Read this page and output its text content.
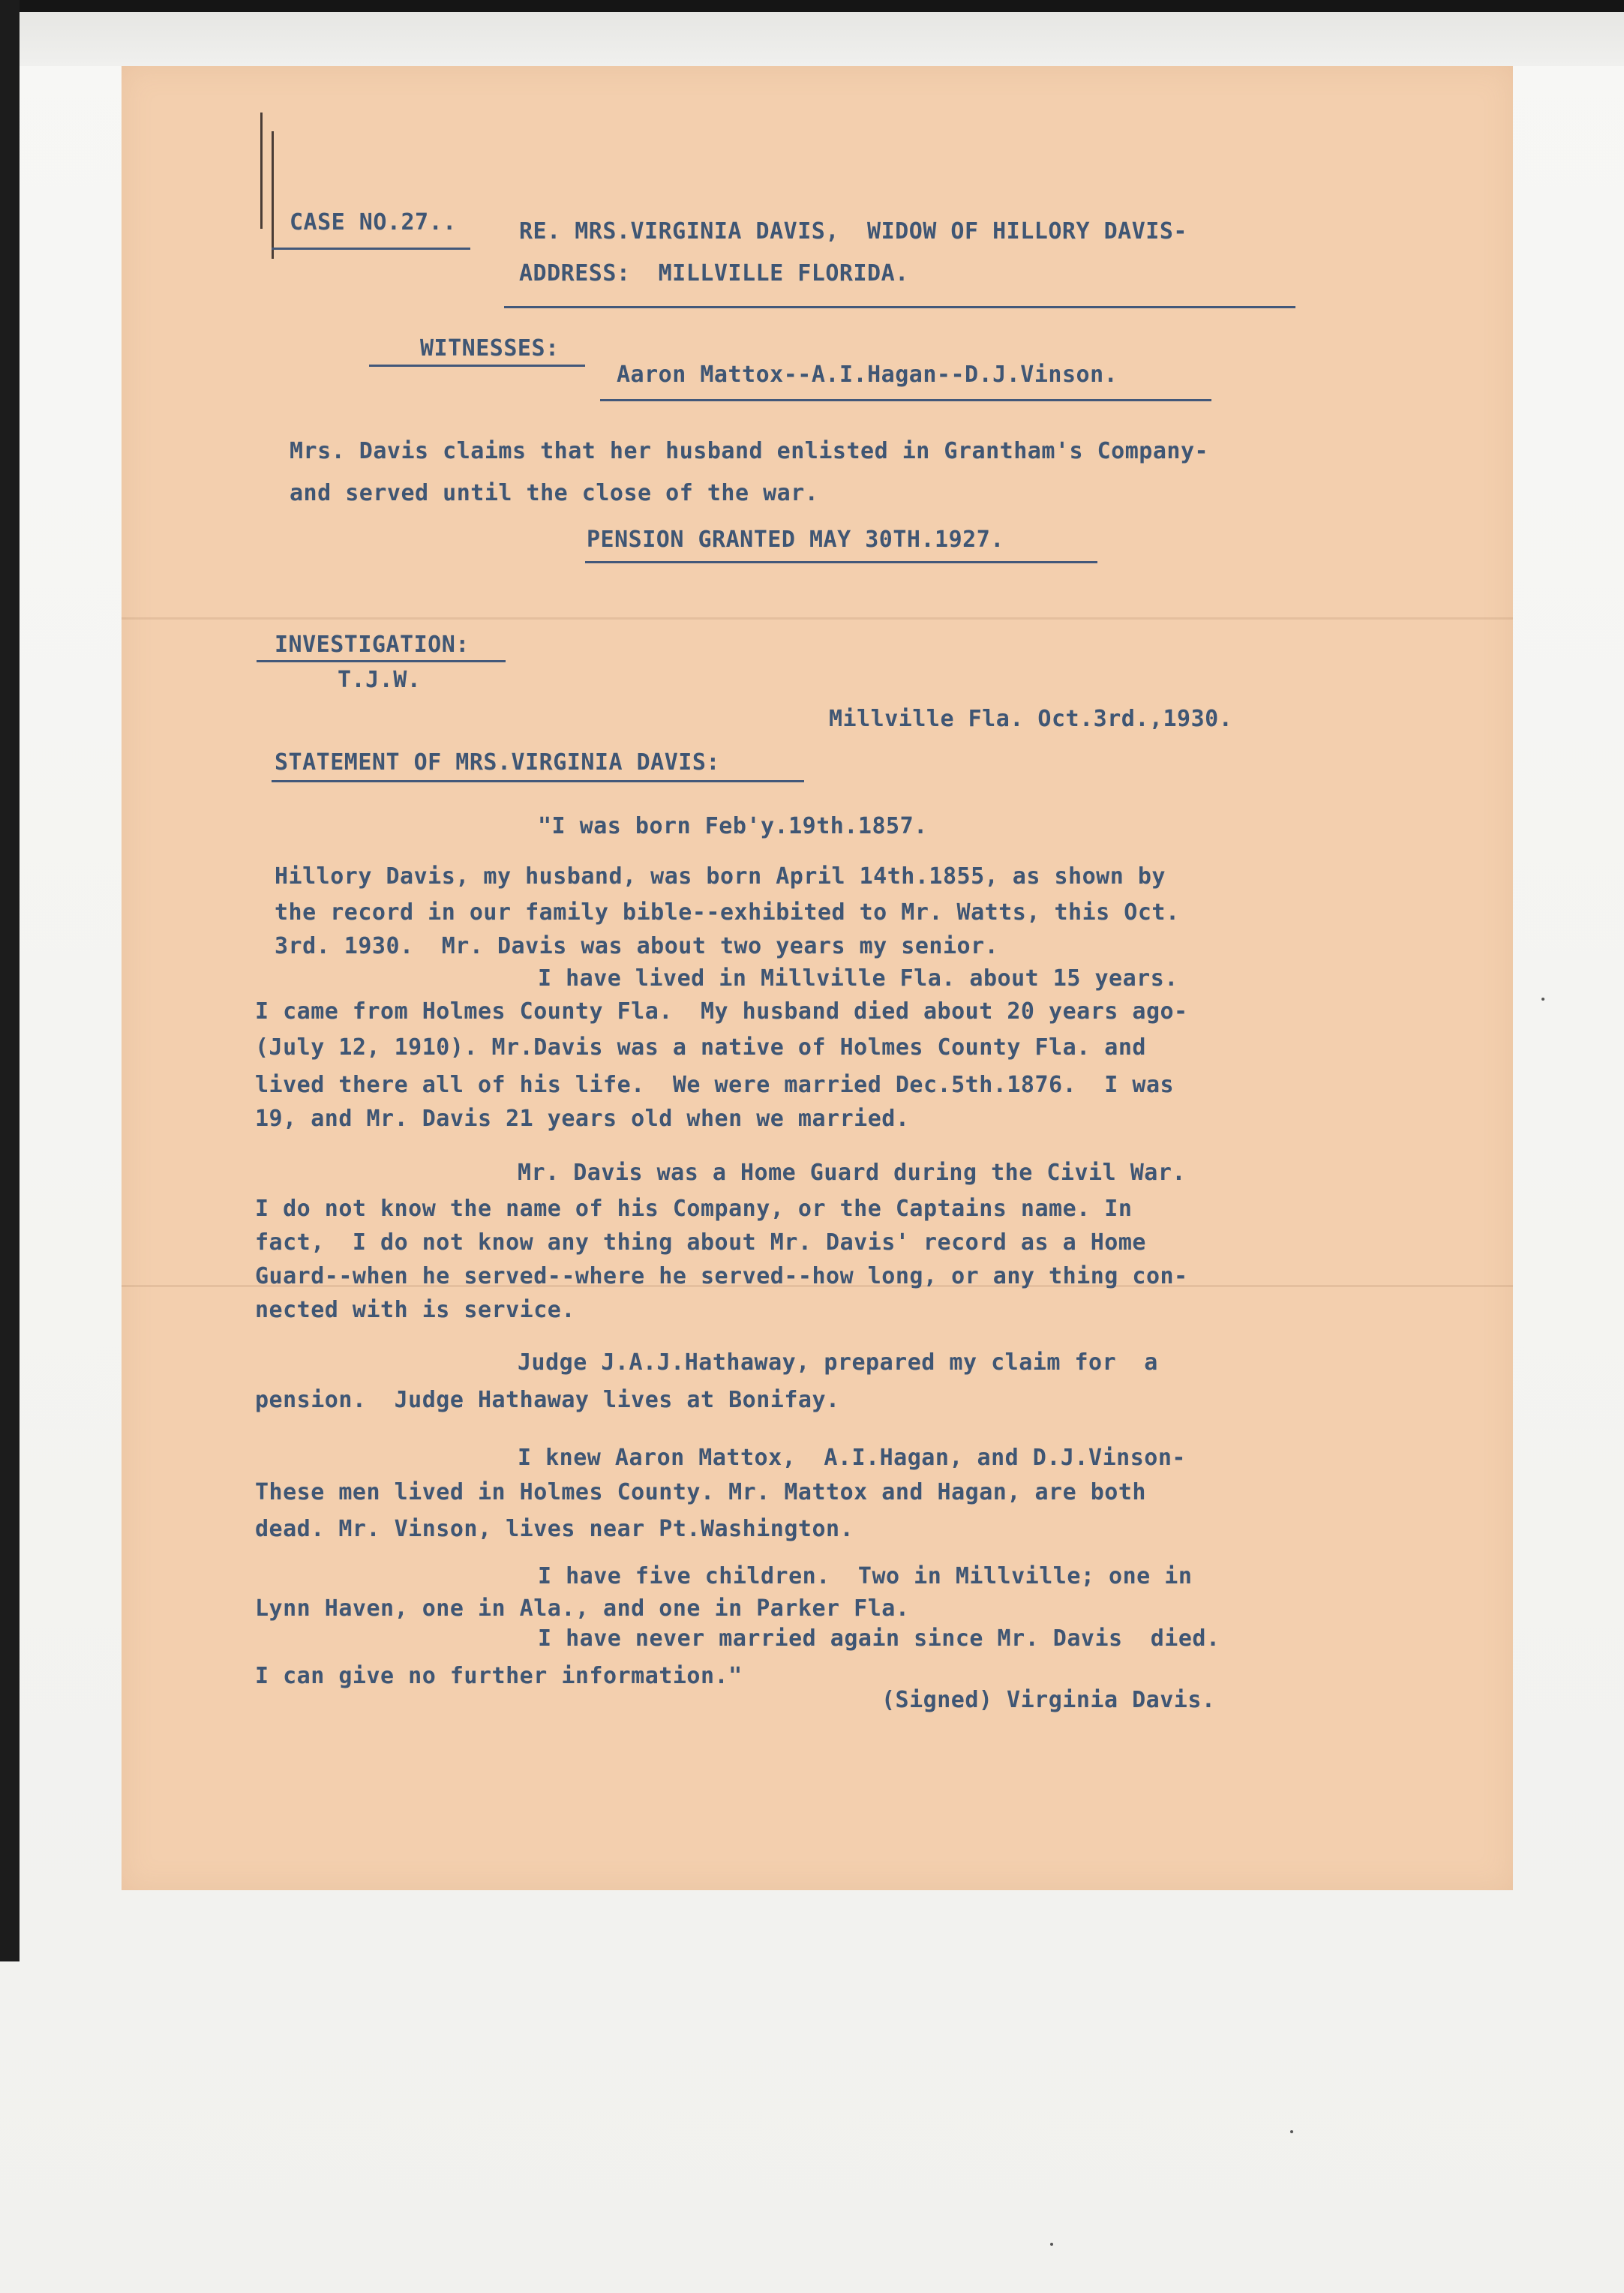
CASE NO.27..	RE. MRS.VIRGINIA DAVIS,  WIDOW OF HILLORY DAVIS-
ADDRESS:  MILLVILLE FLORIDA.
WITNESSES:
Aaron Mattox--A.I.Hagan--D.J.Vinson.
Mrs. Davis claims that her husband enlisted in Grantham's Company-
and served until the close of the war.
PENSION GRANTED MAY 30TH.1927.
INVESTIGATION:
T.J.W.
Millville Fla. Oct.3rd.,1930.
STATEMENT OF MRS.VIRGINIA DAVIS:
"I was born Feb'y.19th.1857.
Hillory Davis, my husband, was born April 14th.1855, as shown by
the record in our family bible--exhibited to Mr. Watts, this Oct.
3rd. 1930.  Mr. Davis was about two years my senior.
I have lived in Millville Fla. about 15 years.
I came from Holmes County Fla.  My husband died about 20 years ago-
(July 12, 1910). Mr.Davis was a native of Holmes County Fla. and
lived there all of his life.  We were married Dec.5th.1876.  I was
19, and Mr. Davis 21 years old when we married.
Mr. Davis was a Home Guard during the Civil War.
I do not know the name of his Company, or the Captains name. In
fact,  I do not know any thing about Mr. Davis' record as a Home
Guard--when he served--where he served--how long, or any thing con-
nected with is service.
Judge J.A.J.Hathaway, prepared my claim for  a
pension.  Judge Hathaway lives at Bonifay.
I knew Aaron Mattox,  A.I.Hagan, and D.J.Vinson-
These men lived in Holmes County. Mr. Mattox and Hagan, are both
dead. Mr. Vinson, lives near Pt.Washington.
I have five children.  Two in Millville; one in
Lynn Haven, one in Ala., and one in Parker Fla.
I have never married again since Mr. Davis  died.
I can give no further information."
(Signed) Virginia Davis.
